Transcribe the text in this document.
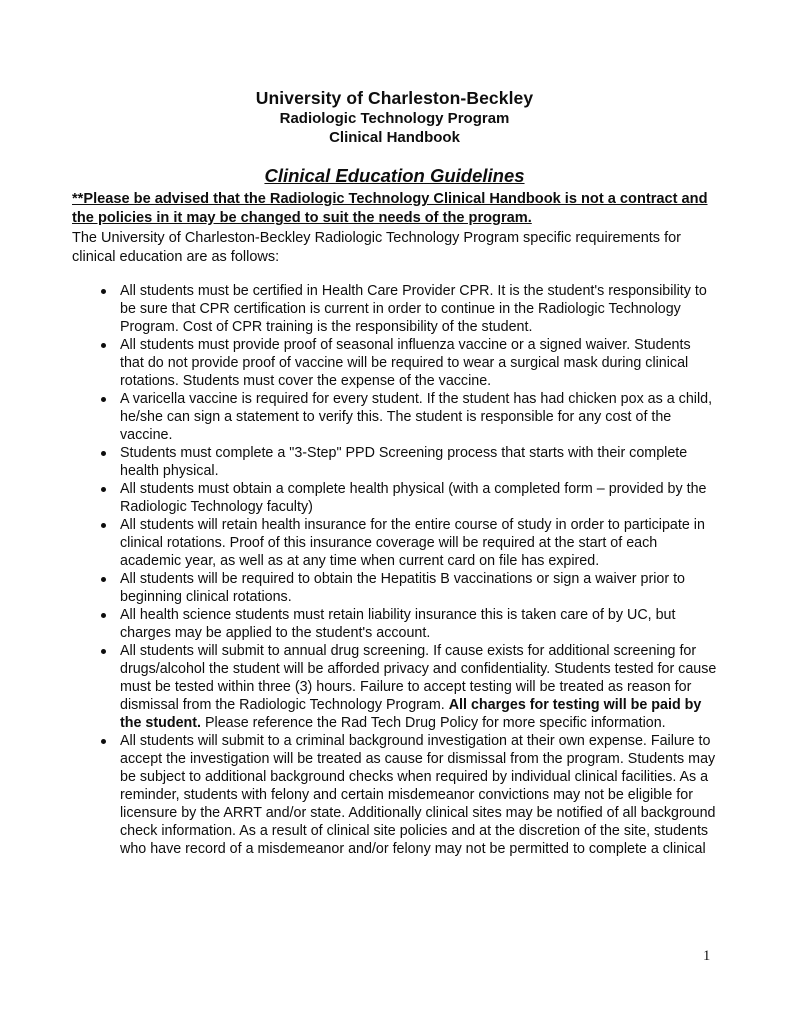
University of Charleston-Beckley
Radiologic Technology Program
Clinical Handbook
Clinical Education Guidelines
**Please be advised that the Radiologic Technology Clinical Handbook is not a contract and the policies in it may be changed to suit the needs of the program.
The University of Charleston-Beckley Radiologic Technology Program specific requirements for clinical education are as follows:
All students must be certified in Health Care Provider CPR. It is the student's responsibility to be sure that CPR certification is current in order to continue in the Radiologic Technology Program. Cost of CPR training is the responsibility of the student.
All students must provide proof of seasonal influenza vaccine or a signed waiver. Students that do not provide proof of vaccine will be required to wear a surgical mask during clinical rotations. Students must cover the expense of the vaccine.
A varicella vaccine is required for every student. If the student has had chicken pox as a child, he/she can sign a statement to verify this. The student is responsible for any cost of the vaccine.
Students must complete a "3-Step" PPD Screening process that starts with their complete health physical.
All students must obtain a complete health physical (with a completed form – provided by the Radiologic Technology faculty)
All students will retain health insurance for the entire course of study in order to participate in clinical rotations. Proof of this insurance coverage will be required at the start of each academic year, as well as at any time when current card on file has expired.
All students will be required to obtain the Hepatitis B vaccinations or sign a waiver prior to beginning clinical rotations.
All health science students must retain liability insurance this is taken care of by UC, but charges may be applied to the student's account.
All students will submit to annual drug screening. If cause exists for additional screening for drugs/alcohol the student will be afforded privacy and confidentiality. Students tested for cause must be tested within three (3) hours. Failure to accept testing will be treated as reason for dismissal from the Radiologic Technology Program. All charges for testing will be paid by the student. Please reference the Rad Tech Drug Policy for more specific information.
All students will submit to a criminal background investigation at their own expense. Failure to accept the investigation will be treated as cause for dismissal from the program. Students may be subject to additional background checks when required by individual clinical facilities. As a reminder, students with felony and certain misdemeanor convictions may not be eligible for licensure by the ARRT and/or state. Additionally clinical sites may be notified of all background check information. As a result of clinical site policies and at the discretion of the site, students who have record of a misdemeanor and/or felony may not be permitted to complete a clinical
1
